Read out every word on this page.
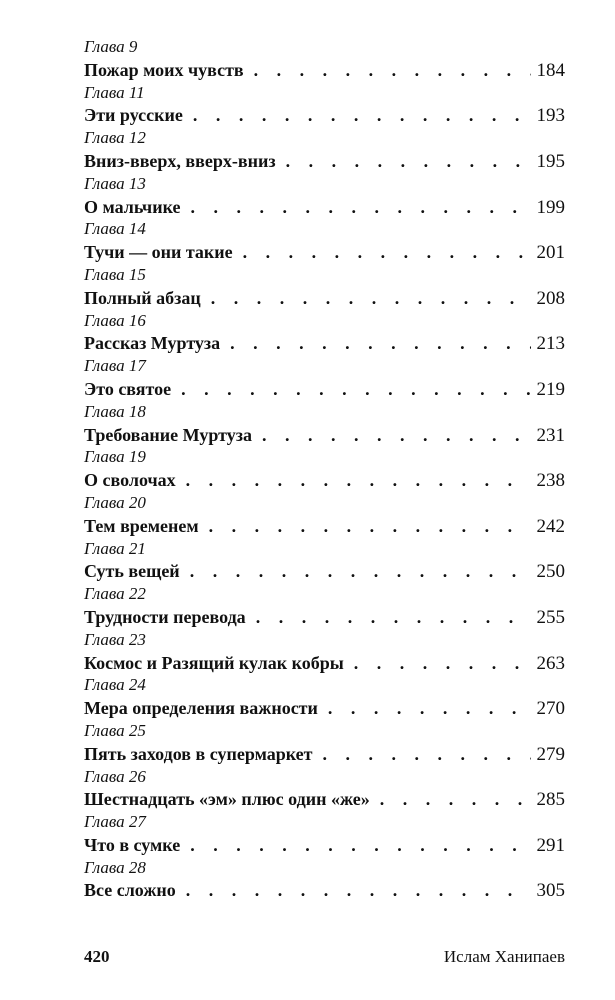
Глава 9
Пожар моих чувств . . .	184
Глава 11
Эти русские . . .	193
Глава 12
Вниз-вверх, вверх-вниз . . .	195
Глава 13
О мальчике . . .	199
Глава 14
Тучи — они такие . . .	201
Глава 15
Полный абзац . . .	208
Глава 16
Рассказ Муртуза . . .	213
Глава 17
Это святое . . .	219
Глава 18
Требование Муртуза . . .	231
Глава 19
О сволочах . . .	238
Глава 20
Тем временем . . .	242
Глава 21
Суть вещей . . .	250
Глава 22
Трудности перевода . . .	255
Глава 23
Космос и Разящий кулак кобры . . .	263
Глава 24
Мера определения важности . . .	270
Глава 25
Пять заходов в супермаркет . . .	279
Глава 26
Шестнадцать «эм» плюс один «же» . . .	285
Глава 27
Что в сумке . . .	291
Глава 28
Все сложно . . .	305
420	Ислам Ханипаев
